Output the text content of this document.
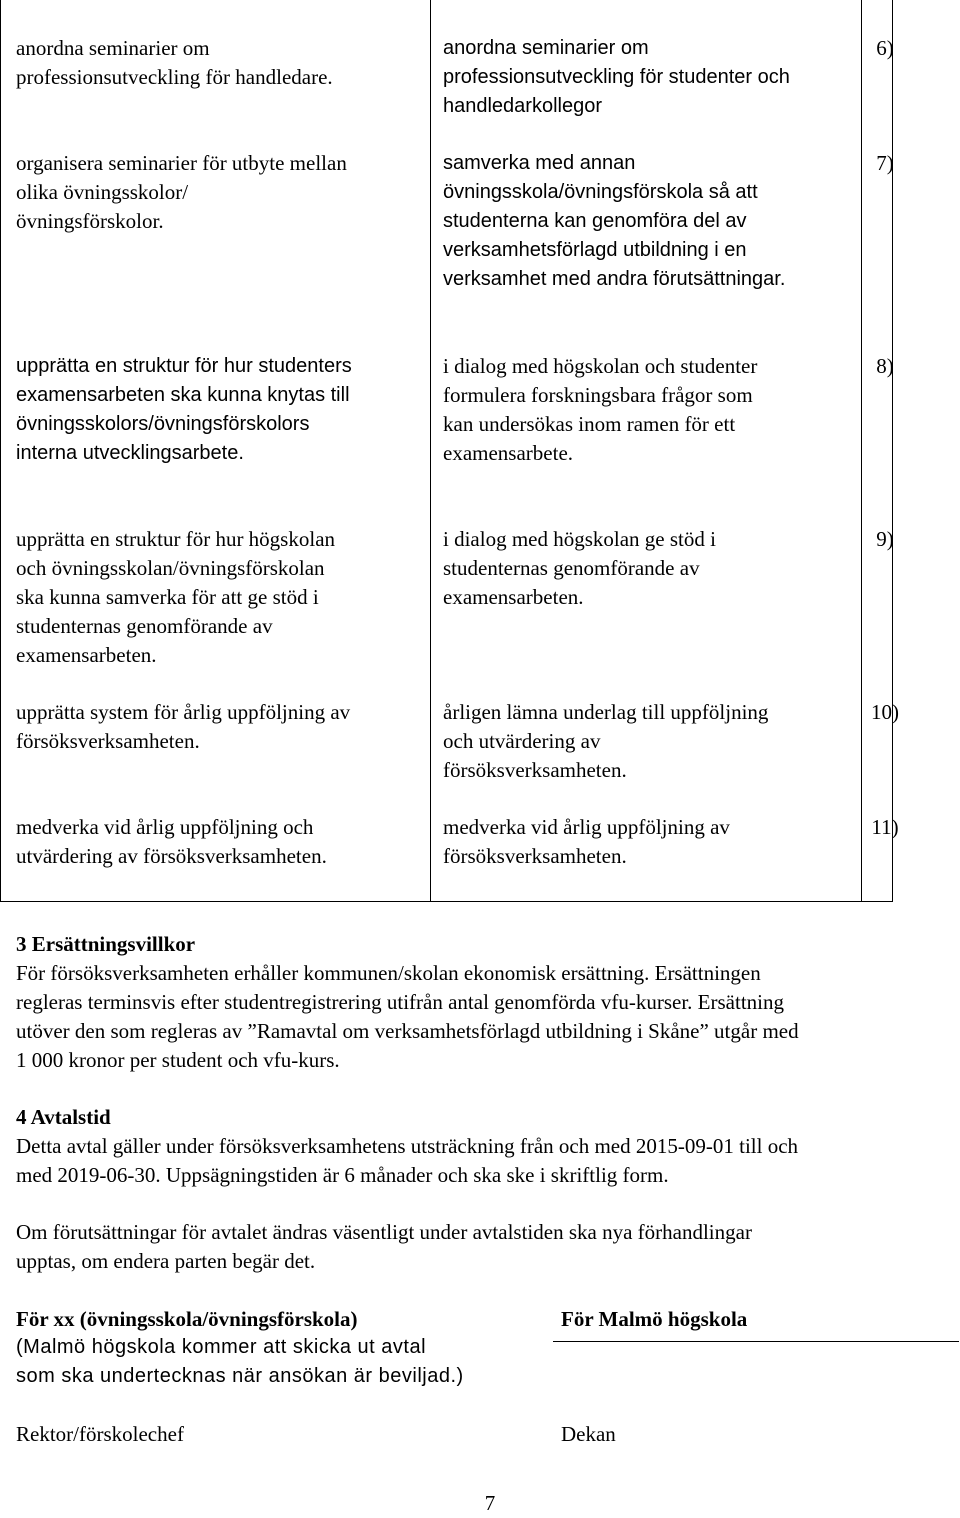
anordna seminarier om
professionsutveckling för handledare.
anordna seminarier om
professionsutveckling för studenter och
handledarkollegor
6)
organisera seminarier för utbyte mellan
olika övningsskolor/
övningsförskolor.
samverka med annan
övningsskola/övningsförskola så att
studenterna kan genomföra del av
verksamhetsförlagd utbildning i en
verksamhet med andra förutsättningar.
7)
upprätta en struktur för hur studenters
examensarbeten ska kunna knytas till
övningsskolors/övningsförskolors
interna utvecklingsarbete.
i dialog med högskolan och studenter
formulera forskningsbara frågor som
kan undersökas inom ramen för ett
examensarbete.
8)
upprätta en struktur för hur högskolan
och övningsskolan/övningsförskolan
ska kunna samverka för att ge stöd i
studenternas genomförande av
examensarbeten.
i dialog med högskolan ge stöd i
studenternas genomförande av
examensarbeten.
9)
upprätta system för årlig uppföljning av
försöksverksamheten.
årligen lämna underlag till uppföljning
och utvärdering av
försöksverksamheten.
10)
medverka vid årlig uppföljning och
utvärdering av försöksverksamheten.
medverka vid årlig uppföljning av
försöksverksamheten.
11)

3 Ersättningsvillkor

För försöksverksamheten erhåller kommunen/skolan ekonomisk ersättning. Ersättningen

regleras terminsvis efter studentregistrering utifrån antal genomförda vfu-kurser. Ersättning

utöver den som regleras av ”Ramavtal om verksamhetsförlagd utbildning i Skåne” utgår med

1 000 kronor per student och vfu-kurs.

4 Avtalstid

Detta avtal gäller under försöksverksamhetens utsträckning från och med 2015-09-01 till och

med 2019-06-30. Uppsägningstiden är 6 månader och ska ske i skriftlig form.

Om förutsättningar för avtalet ändras väsentligt under avtalstiden ska nya förhandlingar

upptas, om endera parten begär det.

För xx (övningsskola/övningsförskola)
(Malmö högskola kommer att skicka ut avtal
som ska undertecknas när ansökan är beviljad.)
Rektor/förskolechef
För Malmö högskola
Dekan
7
